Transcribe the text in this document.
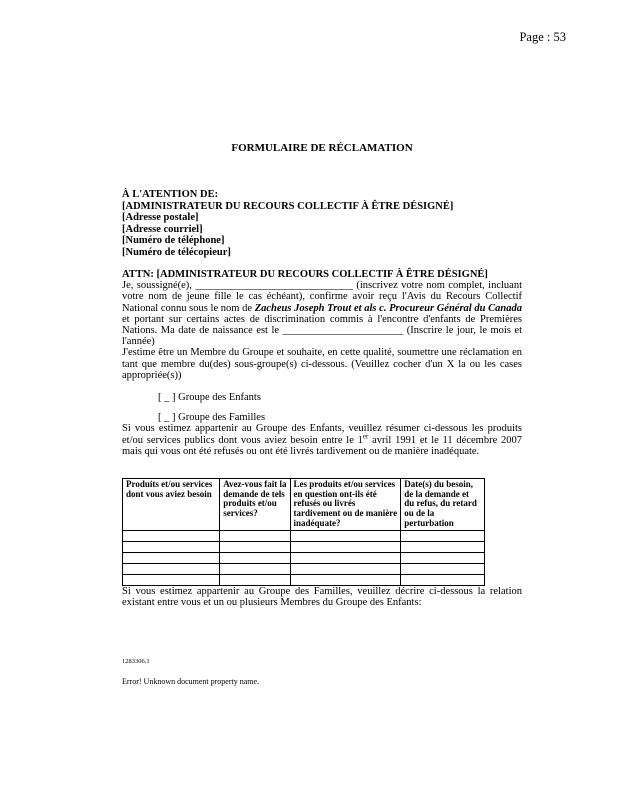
Page : 53
FORMULAIRE DE RÉCLAMATION
À L'ATENTION DE:
[ADMINISTRATEUR DU RECOURS COLLECTIF À ÊTRE DÉSIGNÉ]
[Adresse postale]
[Adresse courriel]
[Numéro de téléphone]
[Numéro de télécopieur]
ATTN: [ADMINISTRATEUR DU RECOURS COLLECTIF À ÊTRE DÉSIGNÉ]

Je, soussigné(e), ______________________________ (inscrivez votre nom complet, incluant votre nom de jeune fille le cas échéant), confirme avoir reçu l'Avis du Recours Collectif National connu sous le nom de Zacheus Joseph Trout et als c. Procureur Général du Canada et portant sur certains actes de discrimination commis à l'encontre d'enfants de Premières Nations. Ma date de naissance est le _______________________ (Inscrire le jour, le mois et l'année)

J'estime être un Membre du Groupe et souhaite, en cette qualité, soumettre une réclamation en tant que membre du(des) sous-groupe(s) ci-dessous. (Veuillez cocher d'un X la ou les cases appropriée(s))

[ _ ] Groupe des Enfants
[ _ ] Groupe des Familles

Si vous estimez appartenir au Groupe des Enfants, veuillez résumer ci-dessous les produits et/ou services publics dont vous aviez besoin entre le 1er avril 1991 et le 11 décembre 2007 mais qui vous ont été refusés ou ont été livrés tardivement ou de manière inadéquate.

Produits et/ou services dont vous aviez besoin	Avez-vous fait la demande de tels produits et/ou services?	Les produits et/ou services en question ont-ils été refusés ou livrés tardivement ou de manière inadéquate?	Date(s) du besoin, de la demande et du refus, du retard ou de la perturbation

Si vous estimez appartenir au Groupe des Familles, veuillez décrire ci-dessous la relation existant entre vous et un ou plusieurs Membres du Groupe des Enfants:

1283306.1
Error! Unknown document property name.
